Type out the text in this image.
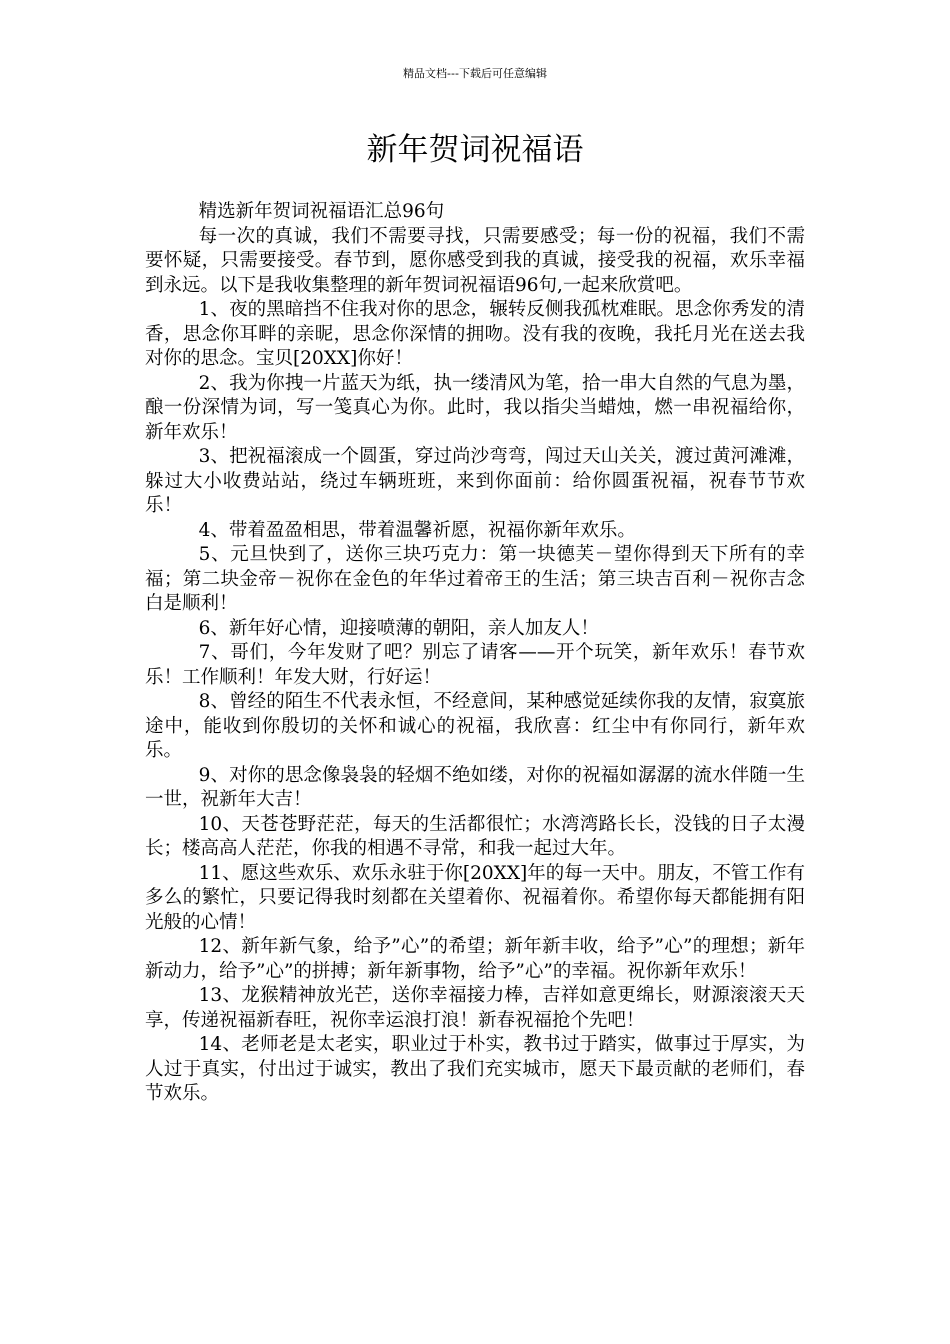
精品文档---下载后可任意编辑
新年贺词祝福语

精选新年贺词祝福语汇总96句

每一次的真诚，我们不需要寻找，只需要感受；每一份的祝福，我们不需要怀疑，只需要接受。春节到，愿你感受到我的真诚，接受我的祝福，欢乐幸福到永远。以下是我收集整理的新年贺词祝福语96句,一起来欣赏吧。

1、夜的黑暗挡不住我对你的思念，辗转反侧我孤枕难眠。思念你秀发的清香，思念你耳畔的亲昵，思念你深情的拥吻。没有我的夜晚，我托月光在送去我对你的思念。宝贝[20XX]你好！

2、我为你拽一片蓝天为纸，执一缕清风为笔，拾一串大自然的气息为墨，酿一份深情为词，写一笺真心为你。此时，我以指尖当蜡烛，燃一串祝福给你，新年欢乐！

3、把祝福滚成一个圆蛋，穿过尚沙弯弯，闯过天山关关，渡过黄河滩滩，躲过大小收费站站，绕过车辆班班，来到你面前：给你圆蛋祝福，祝春节节欢乐！

4、带着盈盈相思，带着温馨祈愿，祝福你新年欢乐。

5、元旦快到了，送你三块巧克力：第一块德芙－望你得到天下所有的幸福；第二块金帝－祝你在金色的年华过着帝王的生活；第三块吉百利－祝你吉念白是顺利！

6、新年好心情，迎接喷薄的朝阳，亲人加友人！

7、哥们，今年发财了吧？别忘了请客——开个玩笑，新年欢乐！春节欢乐！工作顺利！年发大财，行好运！

8、曾经的陌生不代表永恒，不经意间，某种感觉延续你我的友情，寂寞旅途中，能收到你殷切的关怀和诚心的祝福，我欣喜：红尘中有你同行，新年欢乐。

9、对你的思念像袅袅的轻烟不绝如缕，对你的祝福如潺潺的流水伴随一生一世，祝新年大吉！

10、天苍苍野茫茫，每天的生活都很忙；水湾湾路长长，没钱的日子太漫长；楼高高人茫茫，你我的相遇不寻常，和我一起过大年。

11、愿这些欢乐、欢乐永驻于你[20XX]年的每一天中。朋友，不管工作有多么的繁忙，只要记得我时刻都在关望着你、祝福着你。希望你每天都能拥有阳光般的心情！

12、新年新气象，给予”心”的希望；新年新丰收，给予”心”的理想；新年新动力，给予”心”的拼搏；新年新事物，给予”心”的幸福。祝你新年欢乐！

13、龙猴精神放光芒，送你幸福接力棒，吉祥如意更绵长，财源滚滚天天享，传递祝福新春旺，祝你幸运浪打浪！新春祝福抢个先吧！

14、老师老是太老实，职业过于朴实，教书过于踏实，做事过于厚实，为人过于真实，付出过于诚实，教出了我们充实城市，愿天下最贡献的老师们，春节欢乐。
